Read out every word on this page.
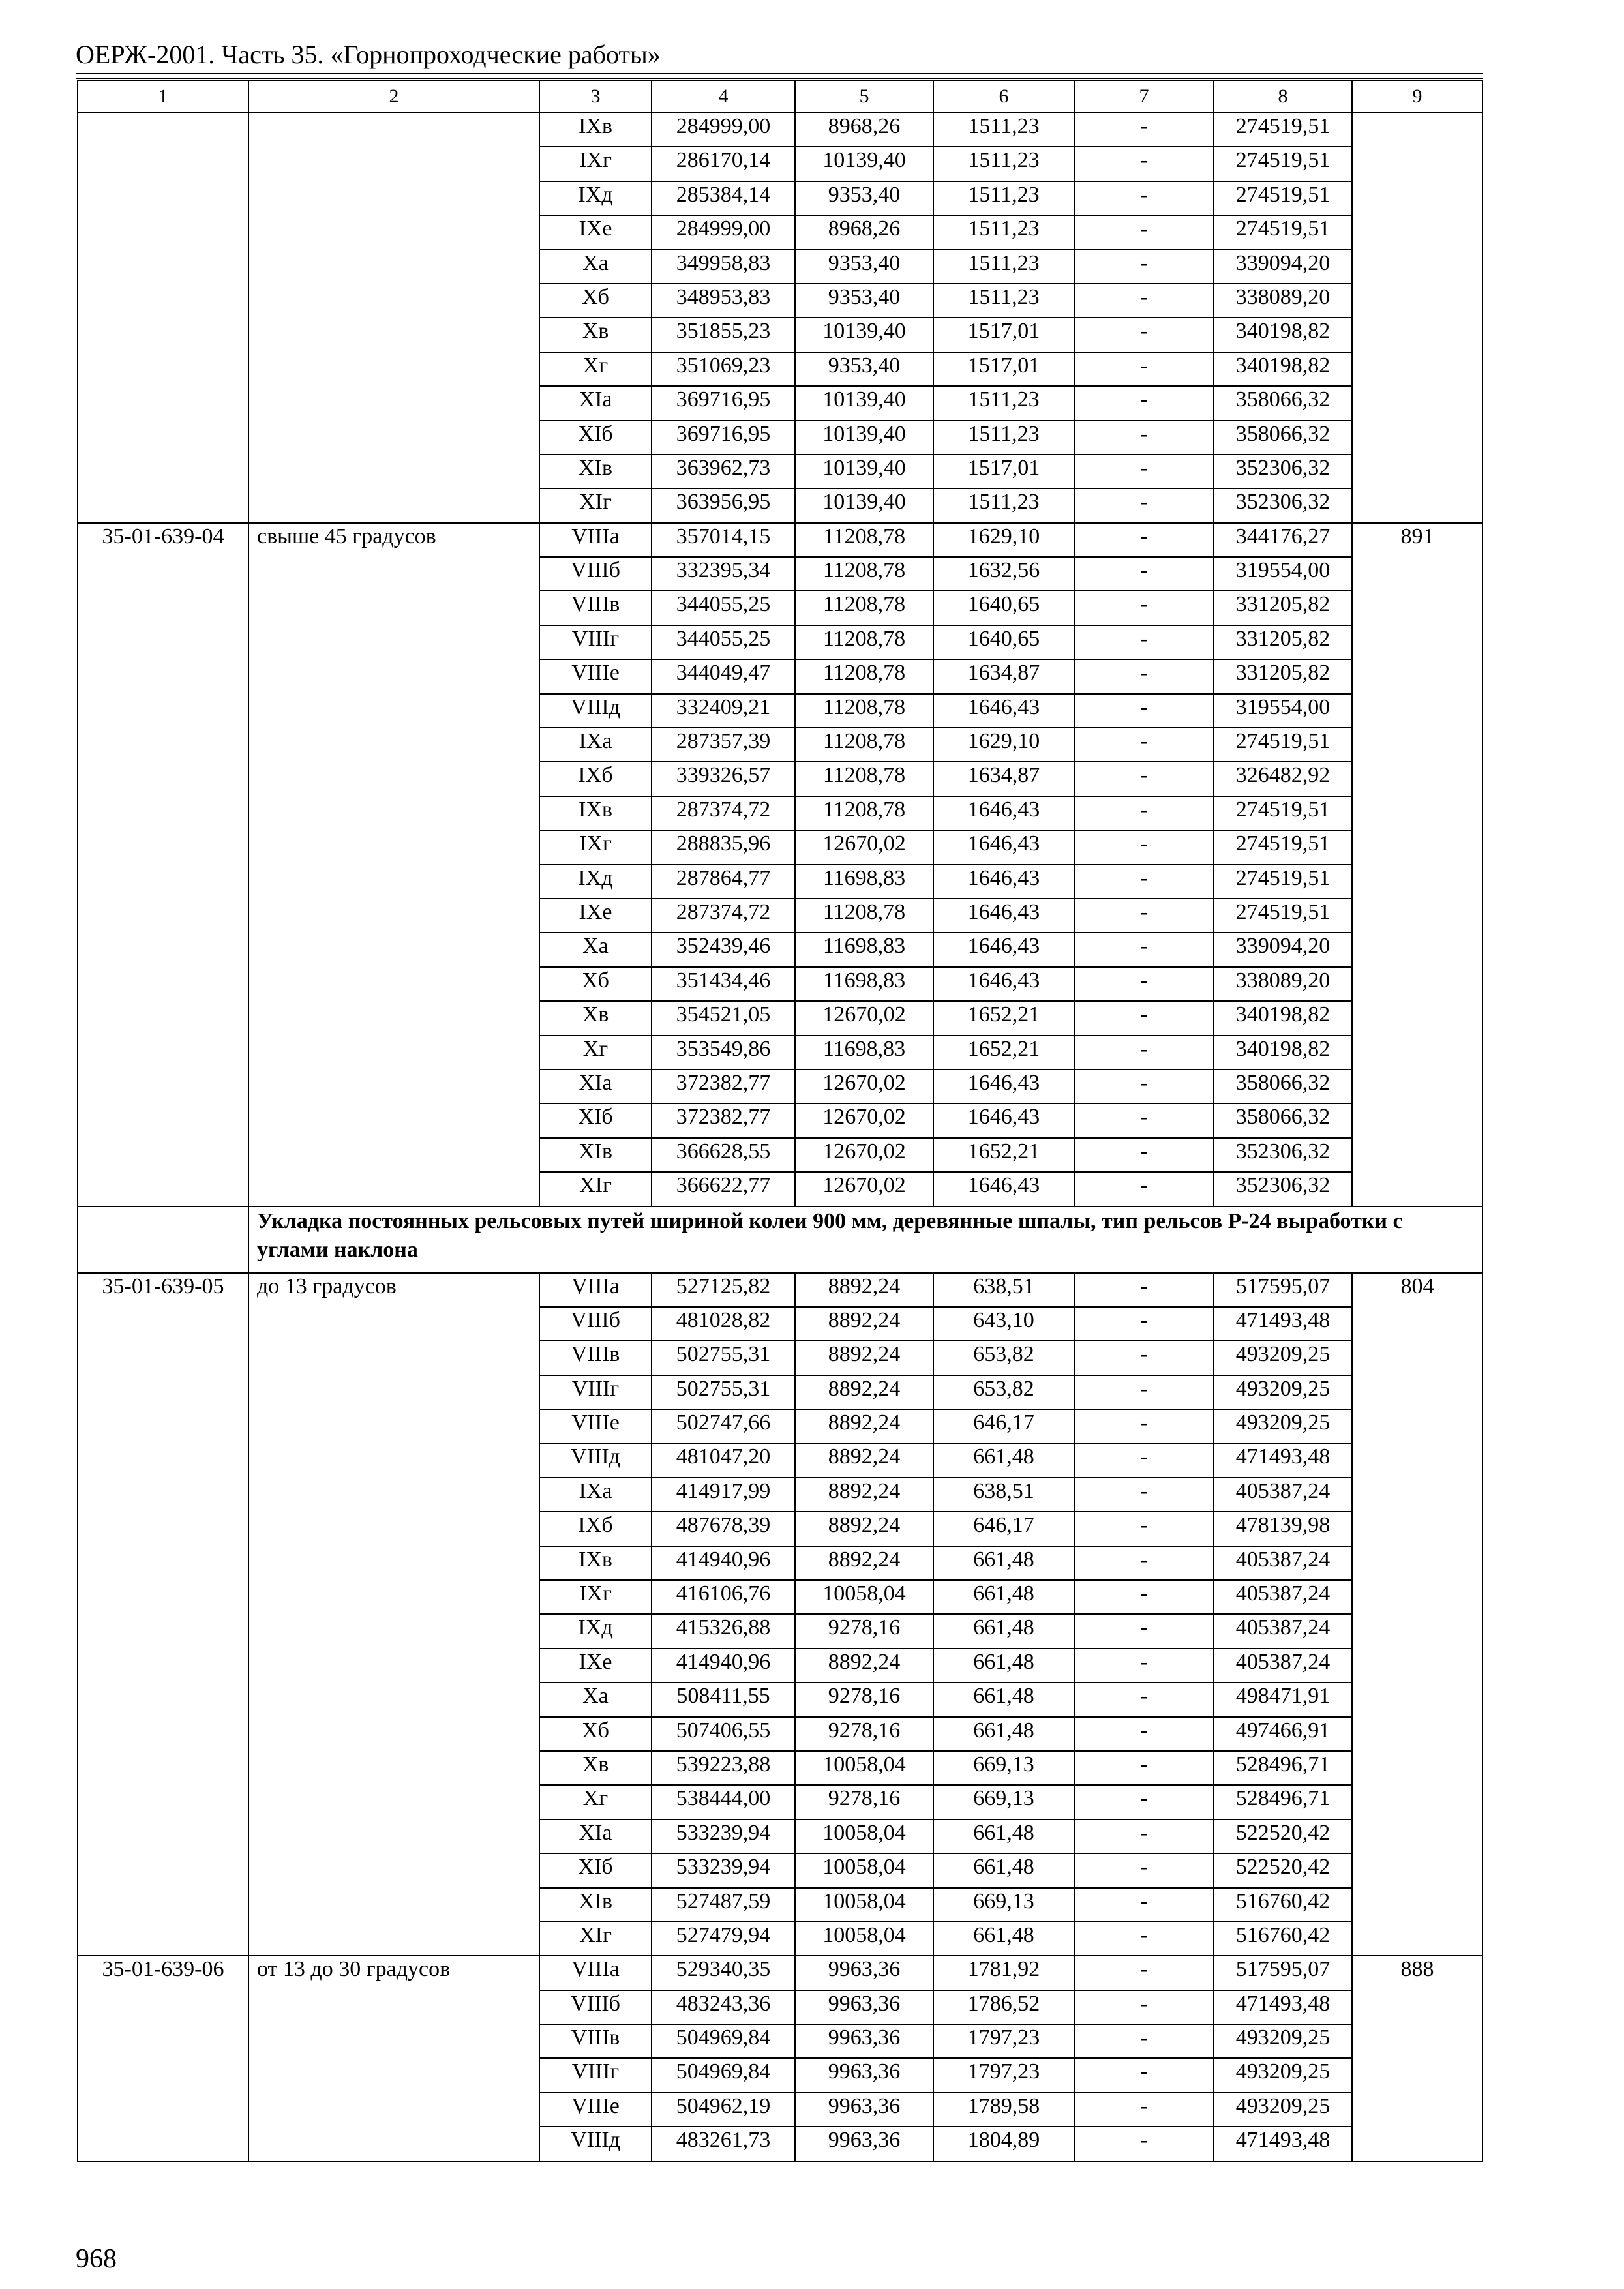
ОЕРЖ-2001. Часть 35. «Горнопроходческие работы»
1	2	3	4	5	6	7	8	9
		IXв	284999,00	8968,26	1511,23	-	274519,51	
		IXг	286170,14	10139,40	1511,23	-	274519,51	
		IXд	285384,14	9353,40	1511,23	-	274519,51	
		IXе	284999,00	8968,26	1511,23	-	274519,51	
		Xа	349958,83	9353,40	1511,23	-	339094,20	
		Xб	348953,83	9353,40	1511,23	-	338089,20	
		Xв	351855,23	10139,40	1517,01	-	340198,82	
		Xг	351069,23	9353,40	1517,01	-	340198,82	
		XIа	369716,95	10139,40	1511,23	-	358066,32	
		XIб	369716,95	10139,40	1511,23	-	358066,32	
		XIв	363962,73	10139,40	1517,01	-	352306,32	
		XIг	363956,95	10139,40	1511,23	-	352306,32	
35-01-639-04	свыше 45 градусов	VIIIа	357014,15	11208,78	1629,10	-	344176,27	891
		VIIIб	332395,34	11208,78	1632,56	-	319554,00	
		VIIIв	344055,25	11208,78	1640,65	-	331205,82	
		VIIIг	344055,25	11208,78	1640,65	-	331205,82	
		VIIIе	344049,47	11208,78	1634,87	-	331205,82	
		VIIIд	332409,21	11208,78	1646,43	-	319554,00	
		IXа	287357,39	11208,78	1629,10	-	274519,51	
		IXб	339326,57	11208,78	1634,87	-	326482,92	
		IXв	287374,72	11208,78	1646,43	-	274519,51	
		IXг	288835,96	12670,02	1646,43	-	274519,51	
		IXд	287864,77	11698,83	1646,43	-	274519,51	
		IXе	287374,72	11208,78	1646,43	-	274519,51	
		Xа	352439,46	11698,83	1646,43	-	339094,20	
		Xб	351434,46	11698,83	1646,43	-	338089,20	
		Xв	354521,05	12670,02	1652,21	-	340198,82	
		Xг	353549,86	11698,83	1652,21	-	340198,82	
		XIа	372382,77	12670,02	1646,43	-	358066,32	
		XIб	372382,77	12670,02	1646,43	-	358066,32	
		XIв	366628,55	12670,02	1652,21	-	352306,32	
		XIг	366622,77	12670,02	1646,43	-	352306,32	
	Укладка постоянных рельсовых путей шириной колеи 900 мм, деревянные шпалы, тип рельсов Р-24 выработки с углами наклона							
35-01-639-05	до 13 градусов	VIIIа	527125,82	8892,24	638,51	-	517595,07	804
		VIIIб	481028,82	8892,24	643,10	-	471493,48	
		VIIIв	502755,31	8892,24	653,82	-	493209,25	
		VIIIг	502755,31	8892,24	653,82	-	493209,25	
		VIIIе	502747,66	8892,24	646,17	-	493209,25	
		VIIIд	481047,20	8892,24	661,48	-	471493,48	
		IXа	414917,99	8892,24	638,51	-	405387,24	
		IXб	487678,39	8892,24	646,17	-	478139,98	
		IXв	414940,96	8892,24	661,48	-	405387,24	
		IXг	416106,76	10058,04	661,48	-	405387,24	
		IXд	415326,88	9278,16	661,48	-	405387,24	
		IXе	414940,96	8892,24	661,48	-	405387,24	
		Xа	508411,55	9278,16	661,48	-	498471,91	
		Xб	507406,55	9278,16	661,48	-	497466,91	
		Xв	539223,88	10058,04	669,13	-	528496,71	
		Xг	538444,00	9278,16	669,13	-	528496,71	
		XIа	533239,94	10058,04	661,48	-	522520,42	
		XIб	533239,94	10058,04	661,48	-	522520,42	
		XIв	527487,59	10058,04	669,13	-	516760,42	
		XIг	527479,94	10058,04	661,48	-	516760,42	
35-01-639-06	от 13 до 30 градусов	VIIIа	529340,35	9963,36	1781,92	-	517595,07	888
		VIIIб	483243,36	9963,36	1786,52	-	471493,48	
		VIIIв	504969,84	9963,36	1797,23	-	493209,25	
		VIIIг	504969,84	9963,36	1797,23	-	493209,25	
		VIIIе	504962,19	9963,36	1789,58	-	493209,25	
		VIIIд	483261,73	9963,36	1804,89	-	471493,48	
968
